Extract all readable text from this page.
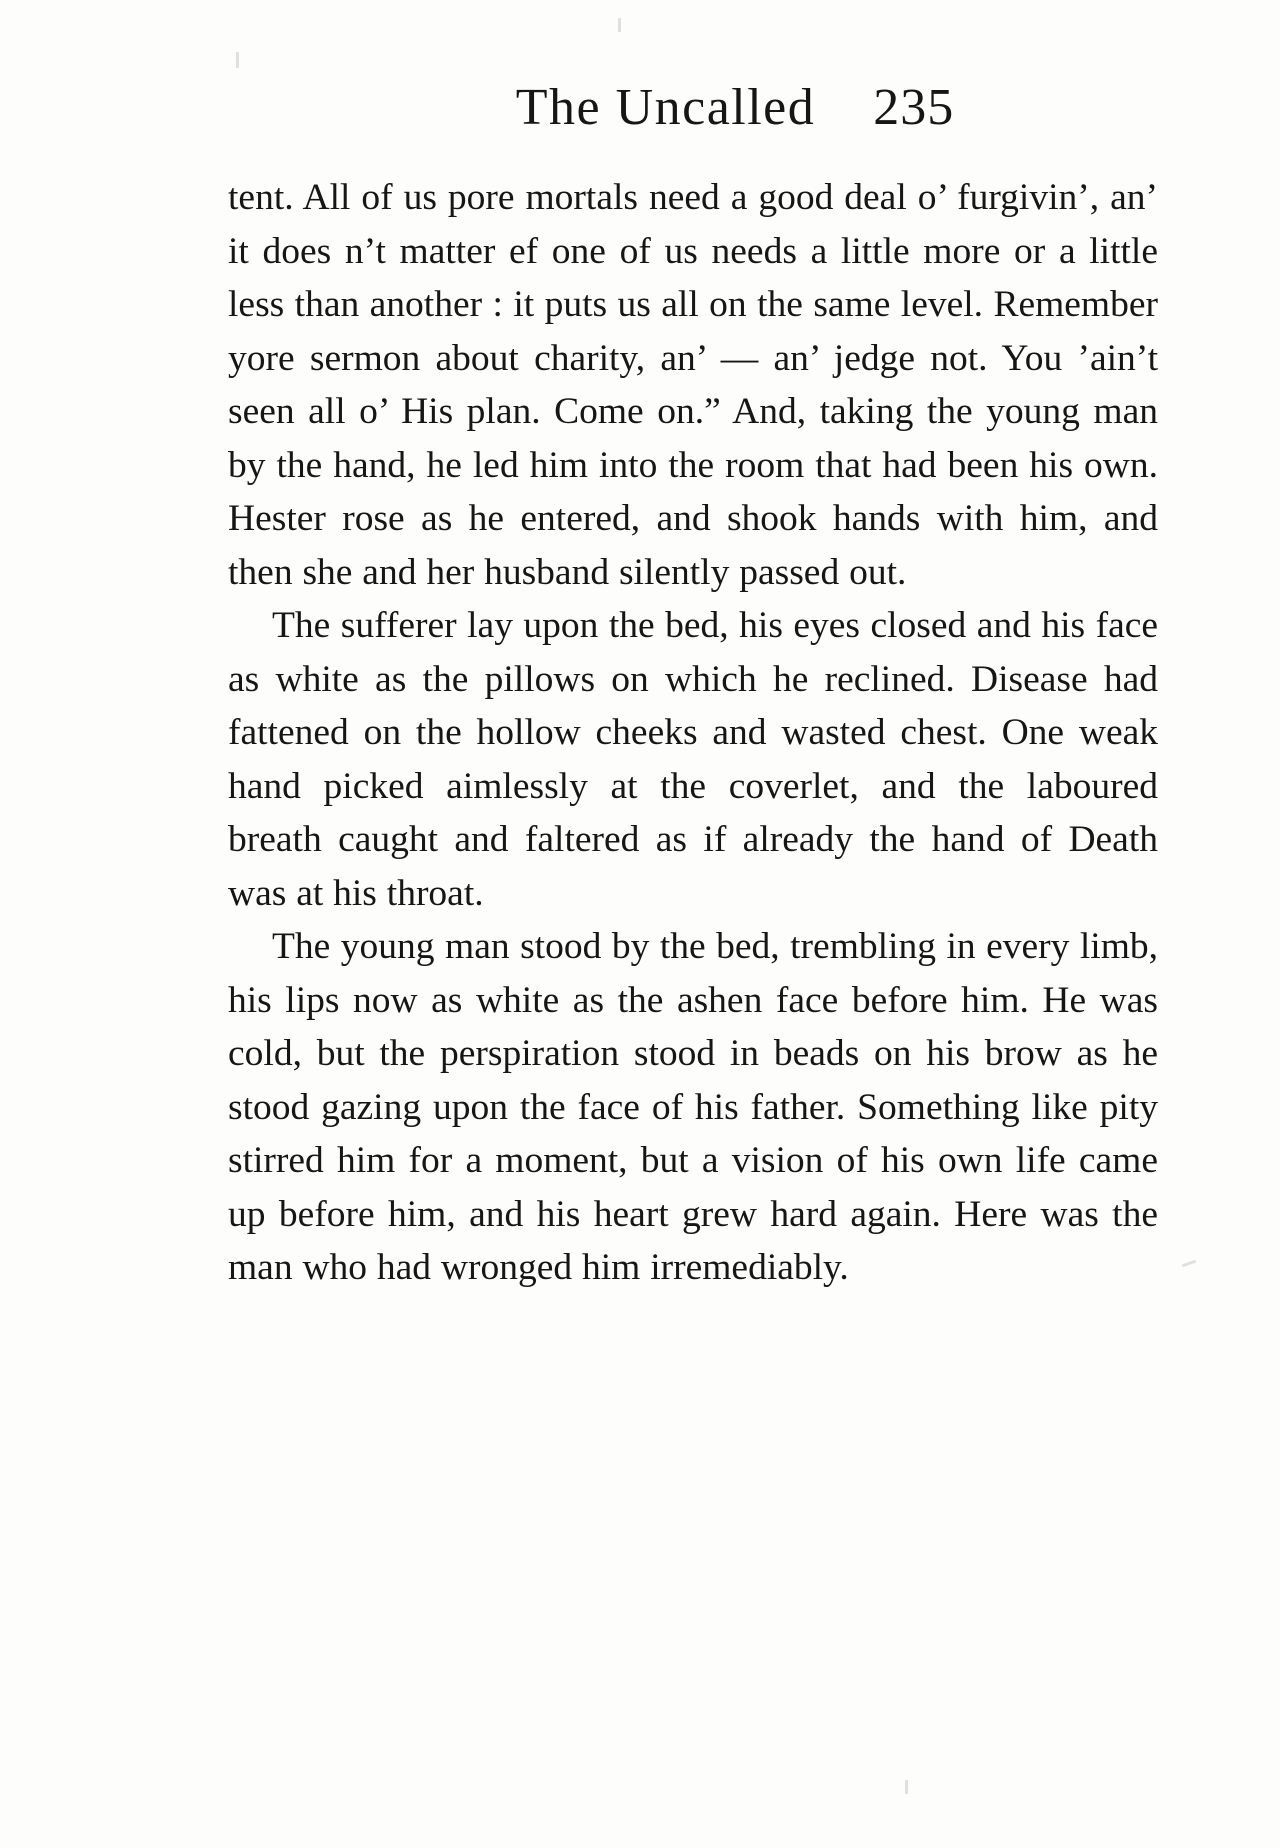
The Uncalled 235

tent. All of us pore mortals need a good deal o’ furgivin’, an’ it does n’t matter ef one of us needs a little more or a little less than another : it puts us all on the same level. Remember yore sermon about charity, an’ — an’ jedge not. You ’ain’t seen all o’ His plan. Come on.” And, taking the young man by the hand, he led him into the room that had been his own. Hester rose as he entered, and shook hands with him, and then she and her husband silently passed out.

The sufferer lay upon the bed, his eyes closed and his face as white as the pillows on which he reclined. Disease had fattened on the hollow cheeks and wasted chest. One weak hand picked aimlessly at the coverlet, and the laboured breath caught and faltered as if already the hand of Death was at his throat.

The young man stood by the bed, trembling in every limb, his lips now as white as the ashen face before him. He was cold, but the perspiration stood in beads on his brow as he stood gazing upon the face of his father. Something like pity stirred him for a moment, but a vision of his own life came up before him, and his heart grew hard again. Here was the man who had wronged him irremediably.
